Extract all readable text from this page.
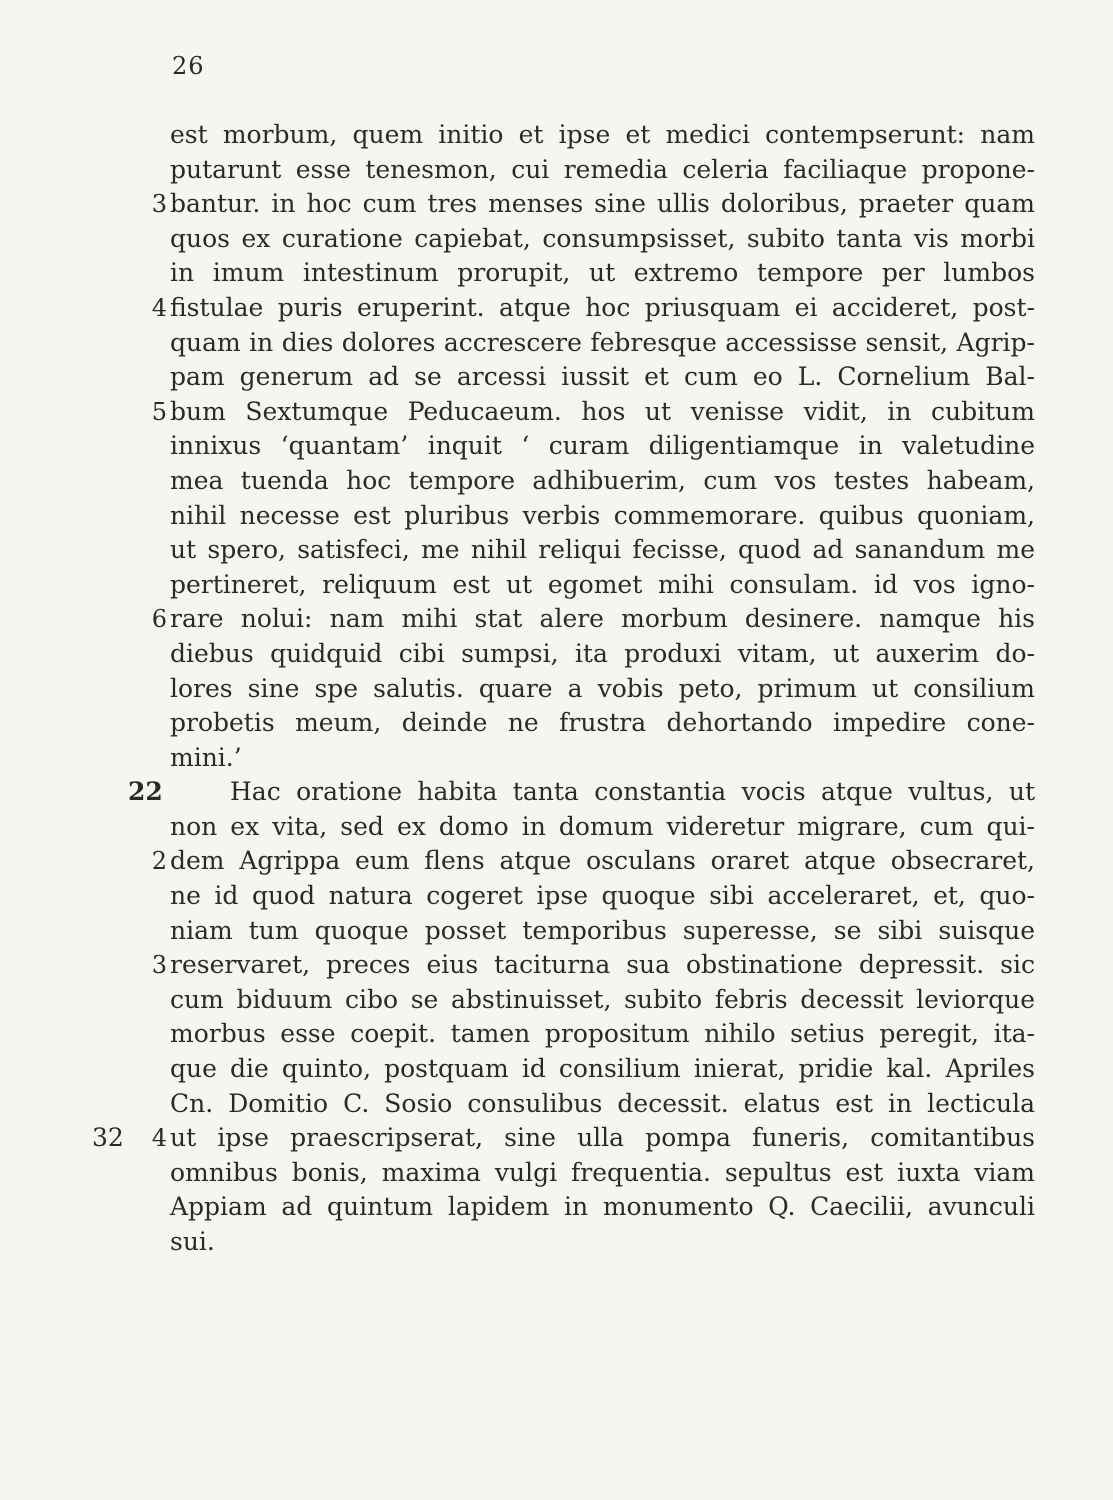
26
est morbum, quem initio et ipse et medici contempserunt: nam
putarunt esse tenesmon, cui remedia celeria faciliaque propone-
3 bantur. in hoc cum tres menses sine ullis doloribus, praeter quam
quos ex curatione capiebat, consumpsisset, subito tanta vis morbi
in imum intestinum prorupit, ut extremo tempore per lumbos
4 fistulae puris eruperint. atque hoc priusquam ei accideret, post-
quam in dies dolores accrescere febresque accessisse sensit, Agrip-
pam generum ad se arcessi iussit et cum eo L. Cornelium Bal-
5 bum Sextumque Peducaeum. hos ut venisse vidit, in cubitum
innixus ‘quantam’ inquit ‘ curam diligentiamque in valetudine
mea tuenda hoc tempore adhibuerim, cum vos testes habeam,
nihil necesse est pluribus verbis commemorare. quibus quoniam,
ut spero, satisfeci, me nihil reliqui fecisse, quod ad sanandum me
pertineret, reliquum est ut egomet mihi consulam. id vos igno-
6 rare nolui: nam mihi stat alere morbum desinere. namque his
diebus quidquid cibi sumpsi, ita produxi vitam, ut auxerim do-
lores sine spe salutis. quare a vobis peto, primum ut consilium
probetis meum, deinde ne frustra dehortando impedire cone-
mini.’
22	Hac oratione habita tanta constantia vocis atque vultus, ut
non ex vita, sed ex domo in domum videretur migrare, cum qui-
2 dem Agrippa eum flens atque osculans oraret atque obsecraret,
ne id quod natura cogeret ipse quoque sibi acceleraret, et, quo-
niam tum quoque posset temporibus superesse, se sibi suisque
3 reservaret, preces eius taciturna sua obstinatione depressit. sic
cum biduum cibo se abstinuisset, subito febris decessit leviorque
morbus esse coepit. tamen propositum nihilo setius peregit, ita-
que die quinto, postquam id consilium inierat, pridie kal. Apriles
Cn. Domitio C. Sosio consulibus decessit. elatus est in lecticula
32	4 ut ipse praescripserat, sine ulla pompa funeris, comitantibus
omnibus bonis, maxima vulgi frequentia. sepultus est iuxta viam
Appiam ad quintum lapidem in monumento Q. Caecilii, avunculi
sui.
